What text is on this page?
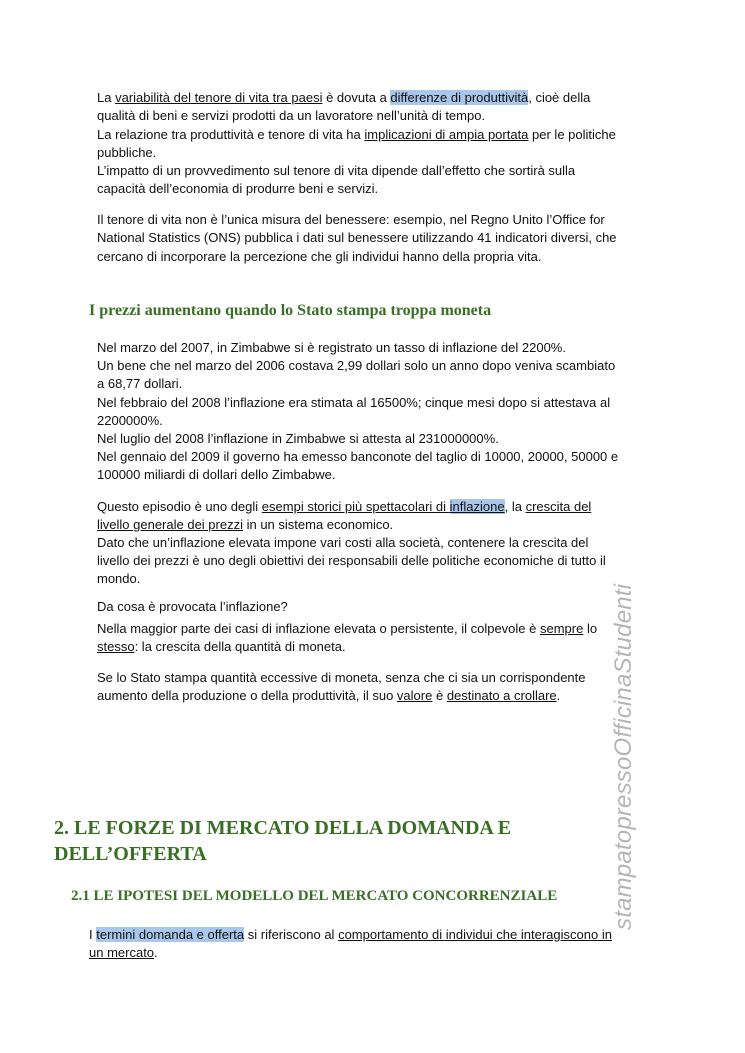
La variabilità del tenore di vita tra paesi è dovuta a differenze di produttività, cioè della
qualità di beni e servizi prodotti da un lavoratore nell’unità di tempo.
La relazione tra produttività e tenore di vita ha implicazioni di ampia portata per le politiche
pubbliche.
L’impatto di un provvedimento sul tenore di vita dipende dall’effetto che sortirà sulla
capacità dell’economia di produrre beni e servizi.
Il tenore di vita non è l’unica misura del benessere: esempio, nel Regno Unito l’Office for
National Statistics (ONS) pubblica i dati sul benessere utilizzando 41 indicatori diversi, che
cercano di incorporare la percezione che gli individui hanno della propria vita.
I prezzi aumentano quando lo Stato stampa troppa moneta
Nel marzo del 2007, in Zimbabwe si è registrato un tasso di inflazione del 2200%.
Un bene che nel marzo del 2006 costava 2,99 dollari solo un anno dopo veniva scambiato
a 68,77 dollari.
Nel febbraio del 2008 l’inflazione era stimata al 16500%; cinque mesi dopo si attestava al
2200000%.
Nel luglio del 2008 l’inflazione in Zimbabwe si attesta al 231000000%.
Nel gennaio del 2009 il governo ha emesso banconote del taglio di 10000, 20000, 50000 e
100000 miliardi di dollari dello Zimbabwe.
Questo episodio è uno degli esempi storici più spettacolari di inflazione, la crescita del
livello generale dei prezzi in un sistema economico.
Dato che un’inflazione elevata impone vari costi alla società, contenere la crescita del
livello dei prezzi è uno degli obiettivi dei responsabili delle politiche economiche di tutto il
mondo.
Da cosa è provocata l’inflazione?
Nella maggior parte dei casi di inflazione elevata o persistente, il colpevole è sempre lo
stesso: la crescita della quantità di moneta.
Se lo Stato stampa quantità eccessive di moneta, senza che ci sia un corrispondente
aumento della produzione o della produttività, il suo valore è destinato a crollare.
2. LE FORZE DI MERCATO DELLA DOMANDA E
DELL’OFFERTA
2.1 LE IPOTESI DEL MODELLO DEL MERCATO CONCORRENZIALE
I termini domanda e offerta si riferiscono al comportamento di individui che interagiscono in
un mercato.
stampatopressoOfficinaStudenti
